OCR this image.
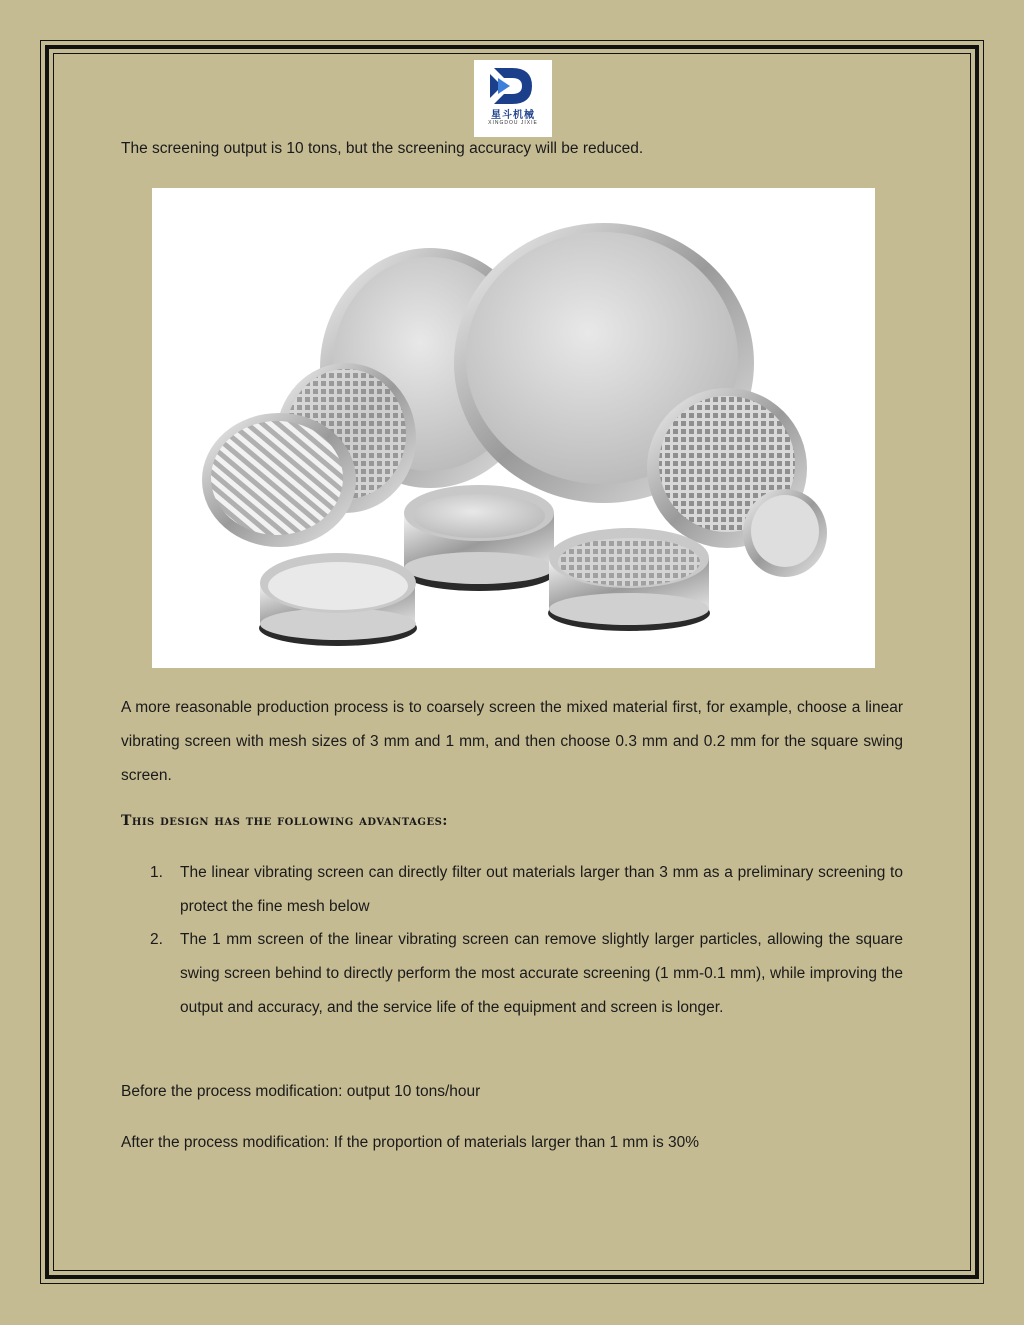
星斗机械
XINGDOU JIXIE
The screening output is 10 tons, but the screening accuracy will be reduced.
A more reasonable production process is to coarsely screen the mixed material first, for example, choose a linear vibrating screen with mesh sizes of 3 mm and 1 mm, and then choose 0.3 mm and 0.2 mm for the square swing screen.
This design has the following advantages:
1. The linear vibrating screen can directly filter out materials larger than 3 mm as a preliminary screening to protect the fine mesh below
2. The 1 mm screen of the linear vibrating screen can remove slightly larger particles, allowing the square swing screen behind to directly perform the most accurate screening (1 mm-0.1 mm), while improving the output and accuracy, and the service life of the equipment and screen is longer.
Before the process modification: output 10 tons/hour
After the process modification: If the proportion of materials larger than 1 mm is 30%
